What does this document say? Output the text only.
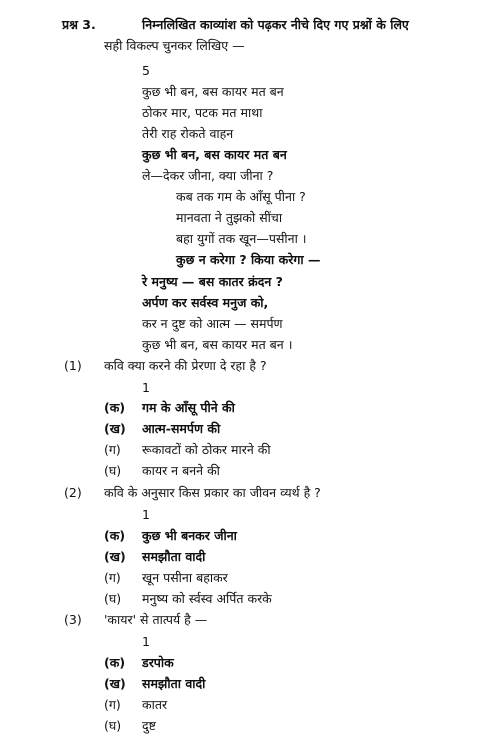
प्रश्न 3.	निम्नलिखित काव्यांश को पढ़कर नीचे दिए गए प्रश्नों के लिए
सही विकल्प चुनकर लिखिए —
5
कुछ भी बन, बस कायर मत बन
ठोकर मार, पटक मत माथा
तेरी राह रोकते वाहन
कुछ भी बन, बस कायर मत बन
ले—देकर जीना, क्या जीना ?
कब तक गम के आँसू पीना ?
मानवता ने तुझको सींचा
बहा युगों तक खून—पसीना ।
कुछ न करेगा ? किया करेगा —
रे मनुष्य — बस कातर क्रंदन ?
अर्पण कर सर्वस्व मनुज को,
कर न दुष्ट को आत्म — समर्पण
कुछ भी बन, बस कायर मत बन ।
(1) कवि क्या करने की प्रेरणा दे रहा है ?
1
(क) गम के आँसू पीने की
(ख) आत्म-समर्पण की
(ग) रूकावटों को ठोकर मारने की
(घ) कायर न बनने की
(2) कवि के अनुसार किस प्रकार का जीवन व्यर्थ है ?
1
(क) कुछ भी बनकर जीना
(ख) समझौता वादी
(ग) खून पसीना बहाकर
(घ) मनुष्य को र्स्वस्व अर्पित करके
(3) 'कायर' से तात्पर्य है —
1
(क) डरपोक
(ख) समझौता वादी
(ग) कातर
(घ) दुष्ट
